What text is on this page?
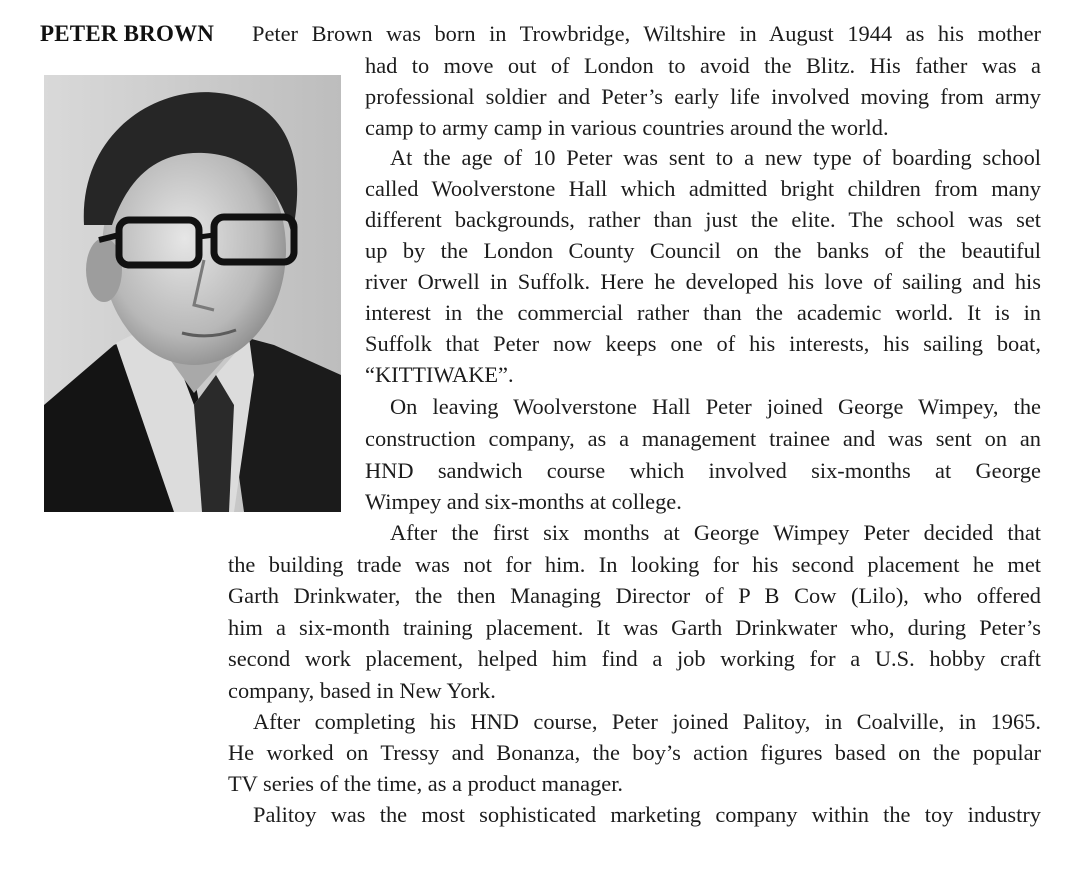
PETER BROWN Peter Brown was born in Trowbridge, Wiltshire in August 1944 as his mother
had to move out of London to avoid the Blitz. His father was a
professional soldier and Peter’s early life involved moving from army
camp to army camp in various countries around the world.
At the age of 10 Peter was sent to a new type of boarding school
called Woolverstone Hall which admitted bright children from many
different backgrounds, rather than just the elite. The school was set
up by the London County Council on the banks of the beautiful
river Orwell in Suffolk. Here he developed his love of sailing and his
interest in the commercial rather than the academic world. It is in
Suffolk that Peter now keeps one of his interests, his sailing boat,
“KITTIWAKE”.
On leaving Woolverstone Hall Peter joined George Wimpey, the
construction company, as a management trainee and was sent on an
HND sandwich course which involved six-months at George
Wimpey and six-months at college.
After the first six months at George Wimpey Peter decided that
the building trade was not for him. In looking for his second placement he met
Garth Drinkwater, the then Managing Director of P B Cow (Lilo), who offered
him a six-month training placement. It was Garth Drinkwater who, during Peter’s
second work placement, helped him find a job working for a U.S. hobby craft
company, based in New York.
After completing his HND course, Peter joined Palitoy, in Coalville, in 1965.
He worked on Tressy and Bonanza, the boy’s action figures based on the popular
TV series of the time, as a product manager.
Palitoy was the most sophisticated marketing company within the toy industry
